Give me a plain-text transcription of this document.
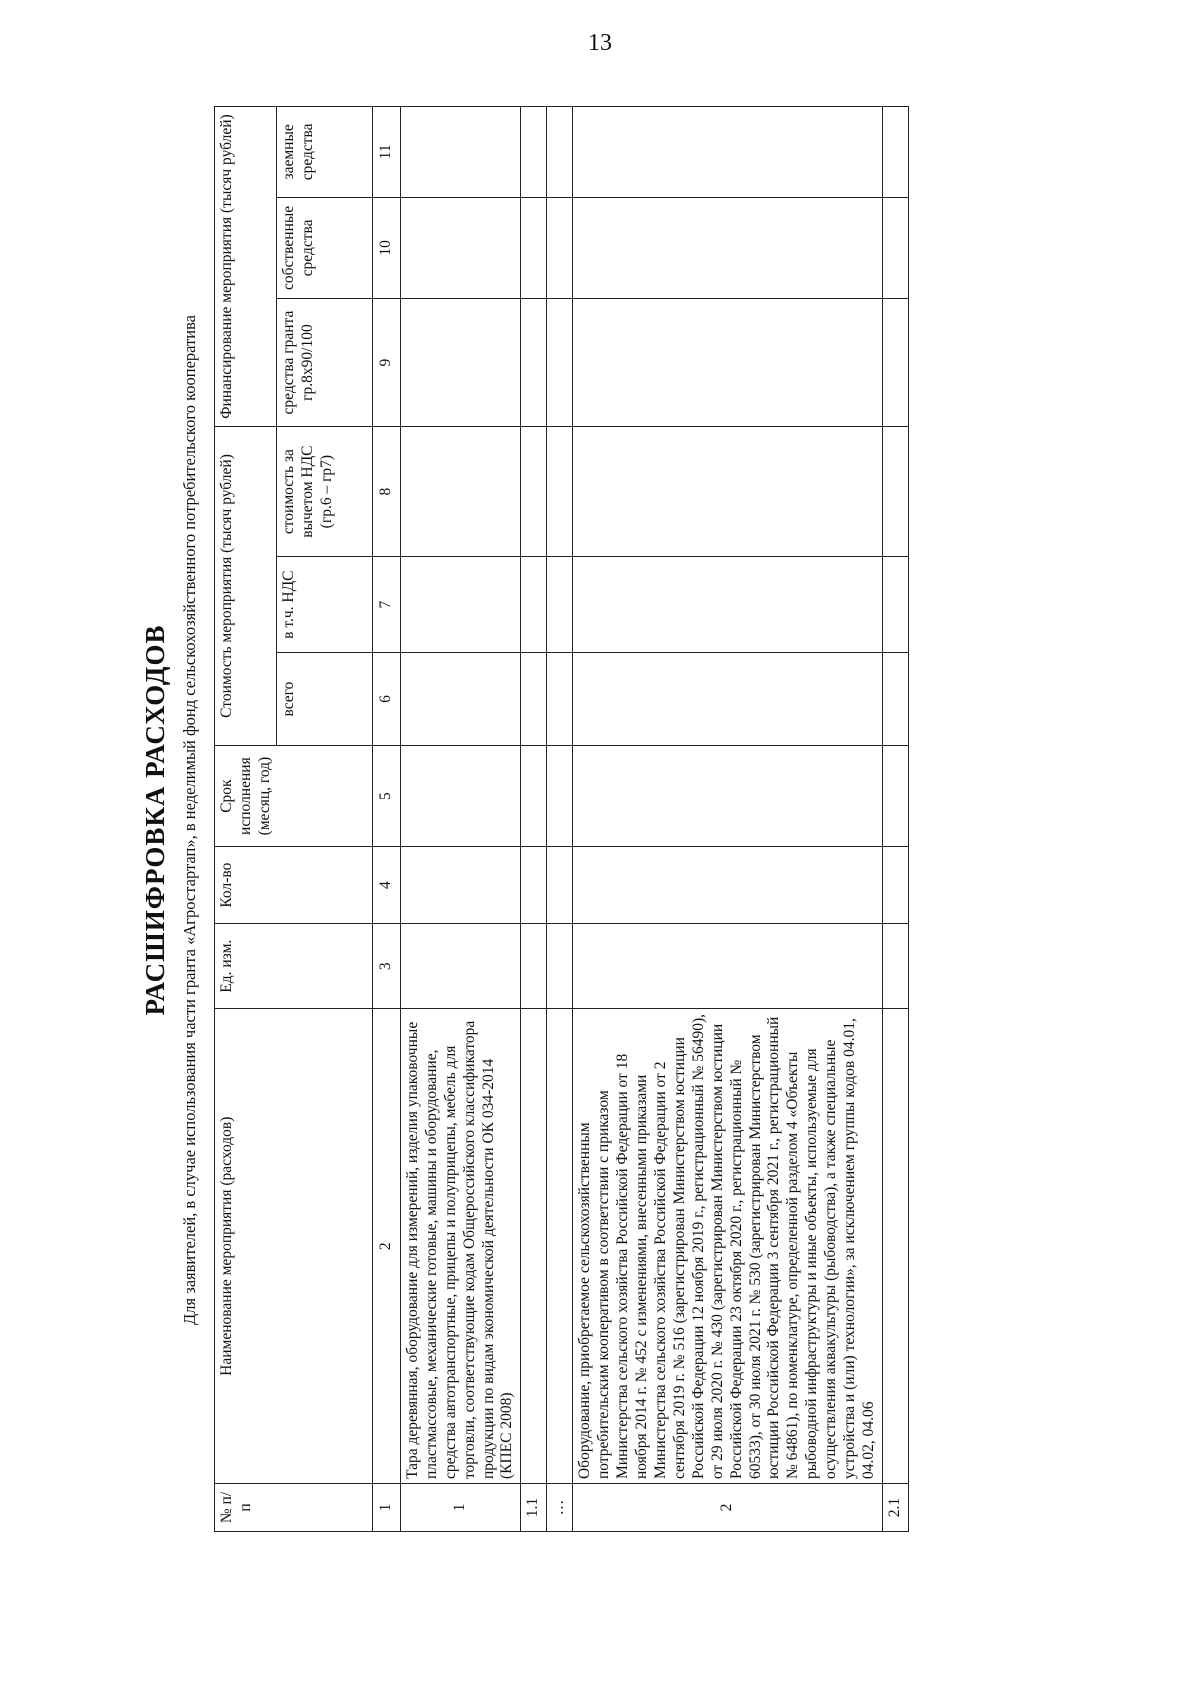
13
РАСШИФРОВКА РАСХОДОВ Для заявителей, в случае использования части гранта «Агростартап», в неделимый фонд сельскохозяйственного потребительского кооператива
№ п/п	Наименование мероприятия (расходов)	Ед. изм.	Кол-во	Срок исполнения (месяц, год)	Стоимость мероприятия (тысяч рублей)			Финансирование мероприятия (тысяч рублей)		
					всего	в т.ч. НДС	стоимость за вычетом НДС (гр.6 – гр7)	средства гранта гр.8х90/100	собственные средства	заемные средства
1	2	3	4	5	6	7	8	9	10	11
1	Тара деревянная, оборудование для измерений, изделия упаковочные пластмассовые, механические готовые, машины и оборудование, средства автотранспортные, прицепы и полуприцепы, мебель для торговли, соответствующие кодам Общероссийского классификатора продукции по видам экономической деятельности ОК 034-2014 (КПЕС 2008)									
1.1										
…										
2	Оборудование, приобретаемое сельскохозяйственным потребительским кооперативом в соответствии с приказом Министерства сельского хозяйства Российской Федерации от 18 ноября 2014 г. № 452 с изменениями, внесенными приказами Министерства сельского хозяйства Российской Федерации от 2 сентября 2019 г. № 516 (зарегистрирован Министерством юстиции Российской Федерации 12 ноября 2019 г., регистрационный № 56490), от 29 июля 2020 г. № 430 (зарегистрирован Министерством юстиции Российской Федерации 23 октября 2020 г., регистрационный № 60533), от 30 июля 2021 г. № 530 (зарегистрирован Министерством юстиции Российской Федерации 3 сентября 2021 г., регистрационный № 64861), по номенклатуре, определенной разделом 4 «Объекты рыбоводной инфраструктуры и иные объекты, используемые для осуществления аквакультуры (рыбоводства), а также специальные устройства и (или) технологии», за исключением группы кодов 04.01, 04.02, 04.06									
2.1										
